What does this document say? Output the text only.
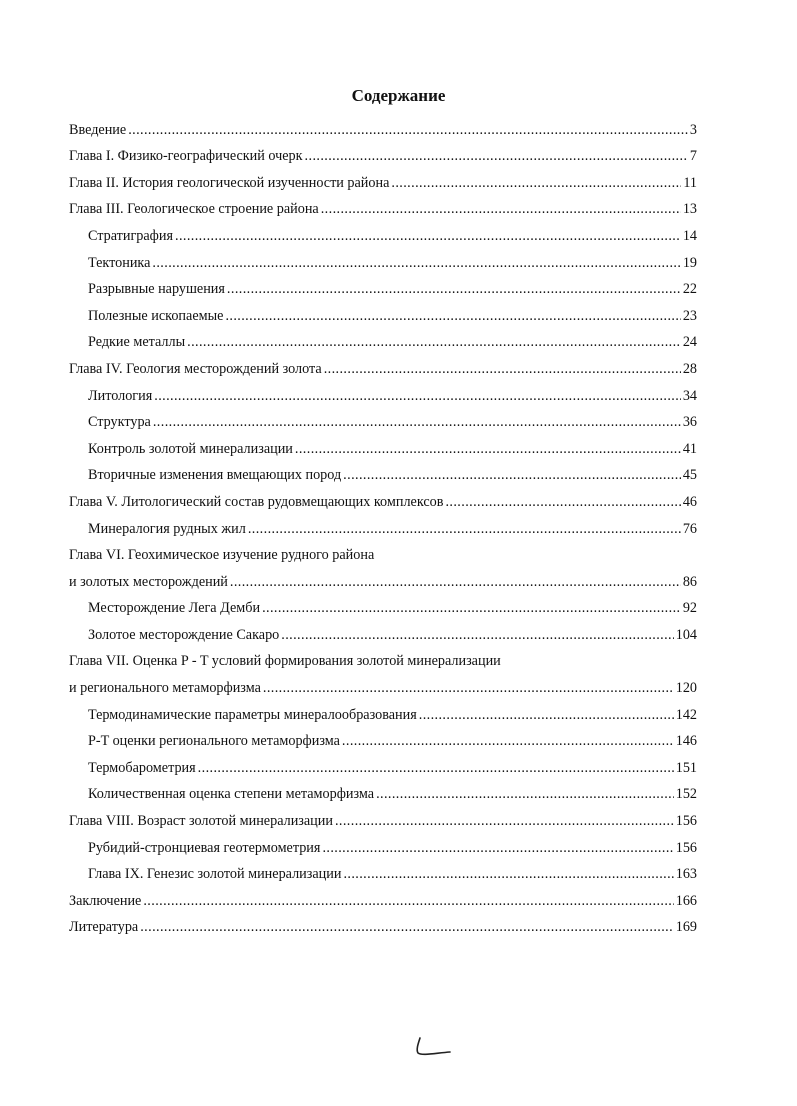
Содержание
Введение .....	3
Глава I. Физико-географический очерк .....	7
Глава II. История геологической изученности района .....	11
Глава III. Геологическое строение района .....	13
Стратиграфия .....	14
Тектоника .....	19
Разрывные нарушения .....	22
Полезные ископаемые .....	23
Редкие металлы .....	24
Глава IV. Геология месторождений золота .....	28
Литология .....	34
Структура .....	36
Контроль золотой минерализации .....	41
Вторичные изменения вмещающих пород .....	45
Глава V. Литологический состав рудовмещающих комплексов .....	46
Минералогия рудных жил .....	76
Глава VI. Геохимическое изучение рудного района
и золотых месторождений .....	86
Месторождение Лега Демби .....	92
Золотое месторождение Сакаро .....	104
Глава VII. Оценка P - T условий формирования золотой минерализации
и регионального метаморфизма .....	120
Термодинамические параметры минералообразования .....	142
P-T оценки регионального метаморфизма .....	146
Термобарометрия .....	151
Количественная оценка степени метаморфизма .....	152
Глава VIII. Возраст золотой минерализации .....	156
Рубидий-стронциевая геотермометрия .....	156
Глава IX. Генезис золотой минерализации .....	163
Заключение .....	166
Литература .....	169
